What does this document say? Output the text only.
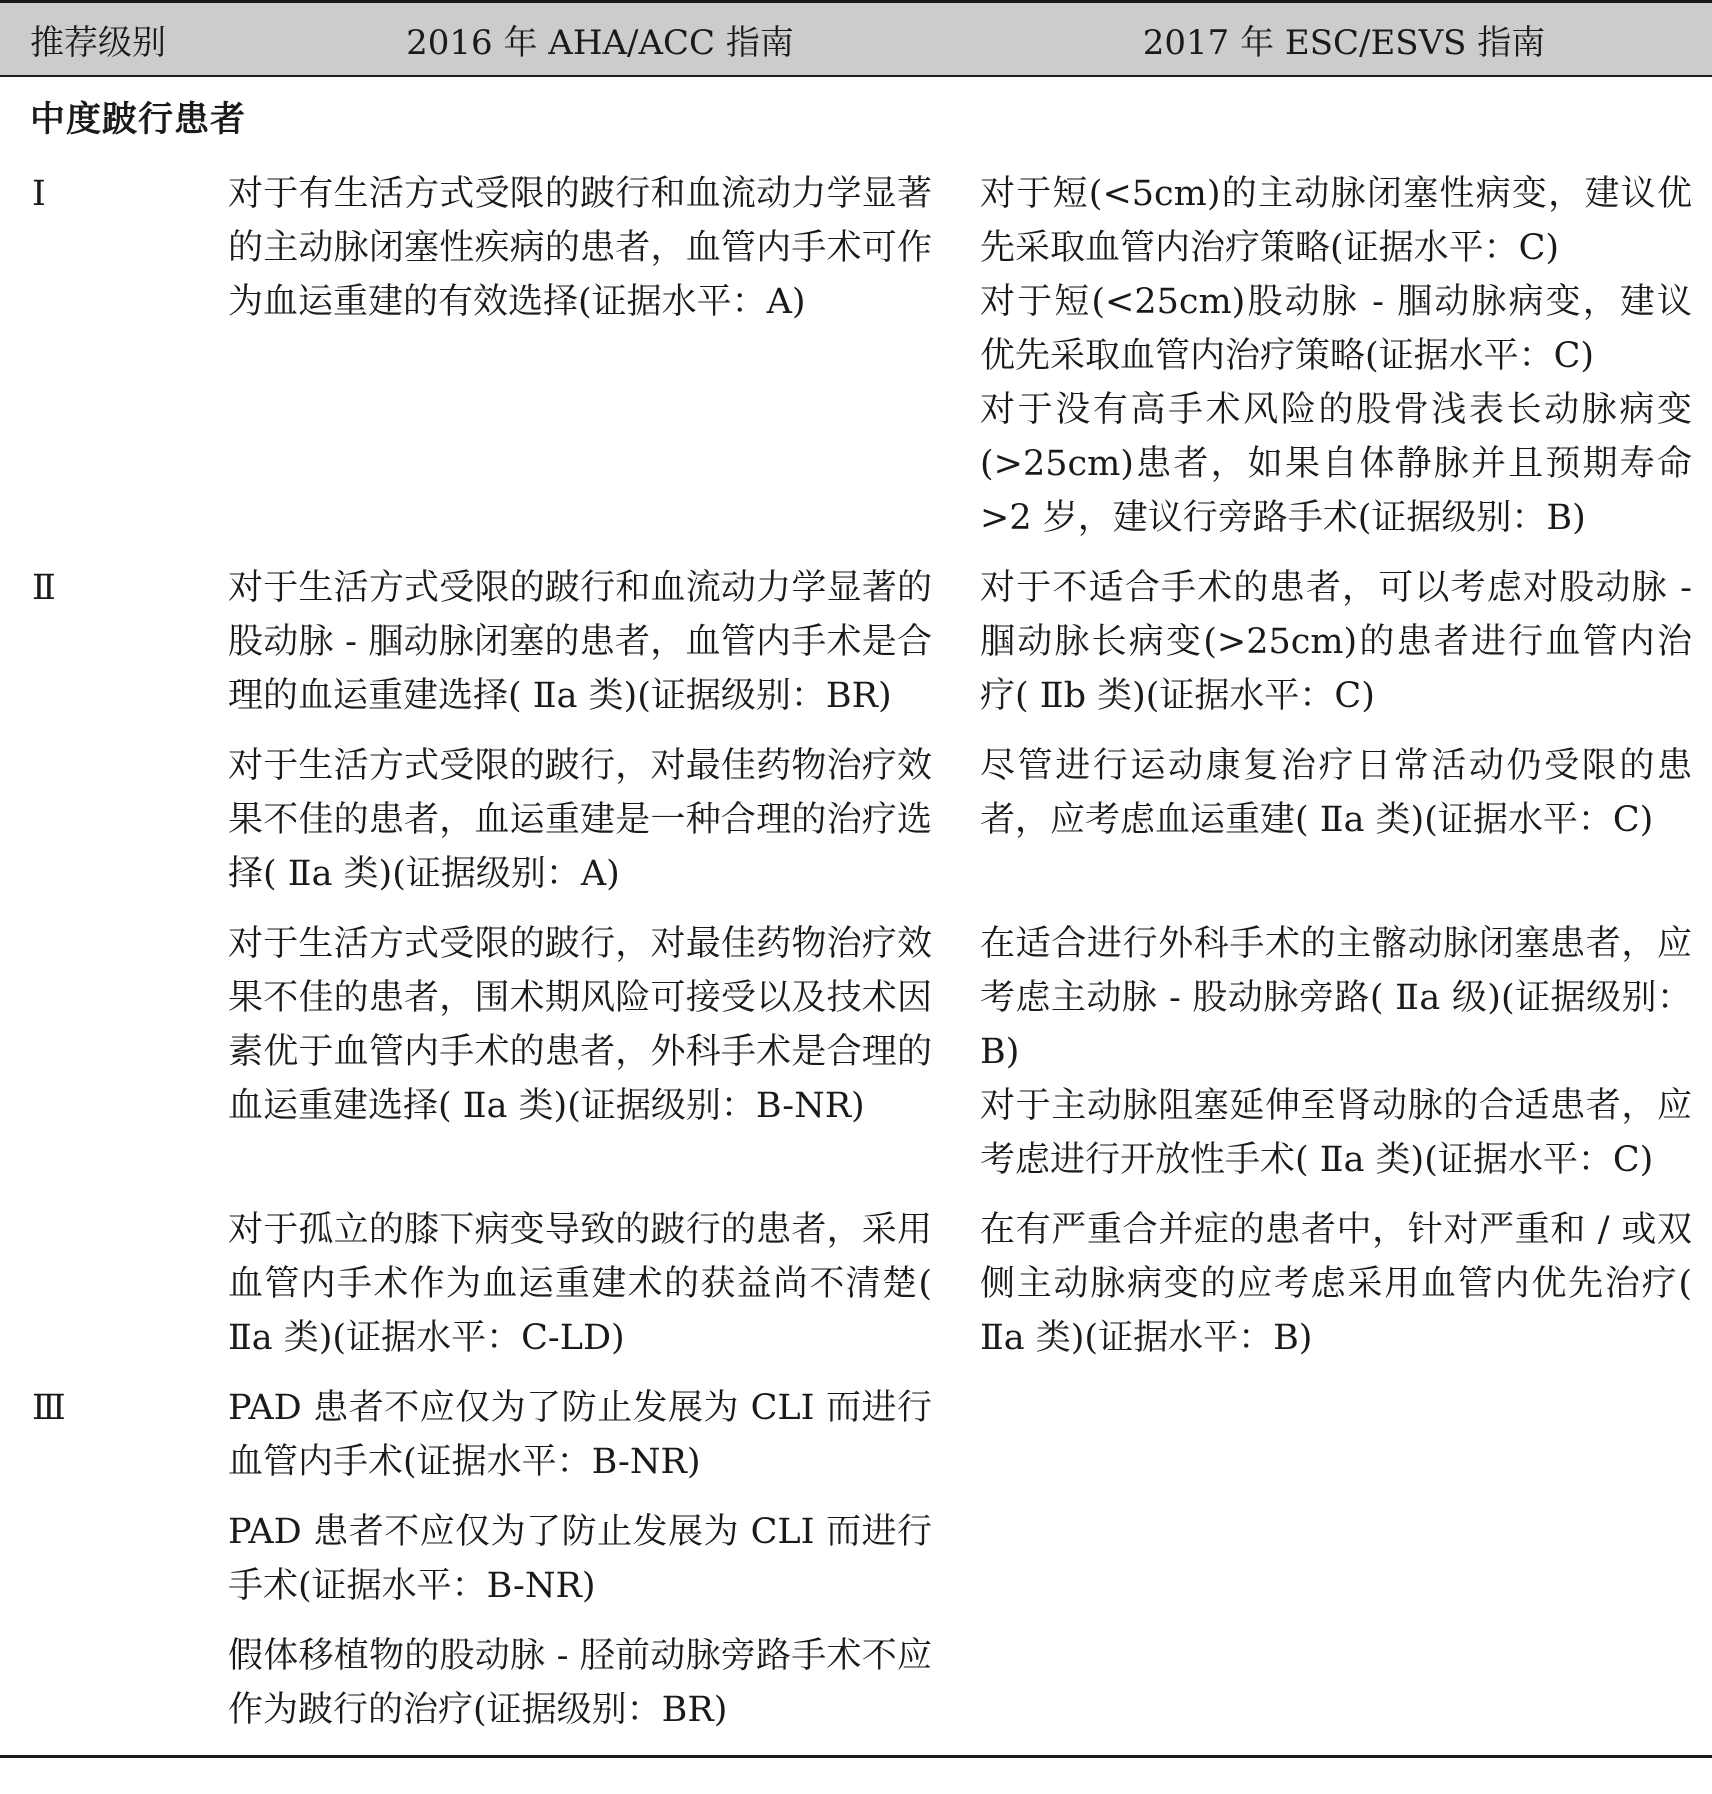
推荐级别	2016 年 AHA/ACC 指南	2017 年 ESC/ESVS 指南
中度跛行患者		
Ⅰ	对于有生活方式受限的跛行和血流动力学显著的主动脉闭塞性疾病的患者，血管内手术可作为血运重建的有效选择(证据水平：A)	对于短(<5cm)的主动脉闭塞性病变，建议优先采取血管内治疗策略(证据水平：C)
对于短(<25cm)股动脉 - 腘动脉病变，建议优先采取血管内治疗策略(证据水平：C)
对于没有高手术风险的股骨浅表长动脉病变(>25cm)患者，如果自体静脉并且预期寿命 >2 岁，建议行旁路手术(证据级别：B)

Ⅱ	对于生活方式受限的跛行和血流动力学显著的股动脉 - 腘动脉闭塞的患者，血管内手术是合理的血运重建选择( Ⅱa 类)(证据级别：BR)	对于不适合手术的患者，可以考虑对股动脉 - 腘动脉长病变(>25cm)的患者进行血管内治疗( Ⅱb 类)(证据水平：C)

	对于生活方式受限的跛行，对最佳药物治疗效果不佳的患者，血运重建是一种合理的治疗选择( Ⅱa 类)(证据级别：A)	尽管进行运动康复治疗日常活动仍受限的患者，应考虑血运重建( Ⅱa 类)(证据水平：C)

	对于生活方式受限的跛行，对最佳药物治疗效果不佳的患者，围术期风险可接受以及技术因素优于血管内手术的患者，外科手术是合理的血运重建选择( Ⅱa 类)(证据级别：B-NR)	在适合进行外科手术的主髂动脉闭塞患者，应考虑主动脉 - 股动脉旁路( Ⅱa 级)(证据级别：B)
对于主动脉阻塞延伸至肾动脉的合适患者，应考虑进行开放性手术( Ⅱa 类)(证据水平：C)

	对于孤立的膝下病变导致的跛行的患者，采用血管内手术作为血运重建术的获益尚不清楚( Ⅱa 类)(证据水平：C-LD)	在有严重合并症的患者中，针对严重和 / 或双侧主动脉病变的应考虑采用血管内优先治疗( Ⅱa 类)(证据水平：B)

Ⅲ	PAD 患者不应仅为了防止发展为 CLI 而进行血管内手术(证据水平：B-NR)	

	PAD 患者不应仅为了防止发展为 CLI 而进行手术(证据水平：B-NR)	

	假体移植物的股动脉 - 胫前动脉旁路手术不应作为跛行的治疗(证据级别：BR)	
